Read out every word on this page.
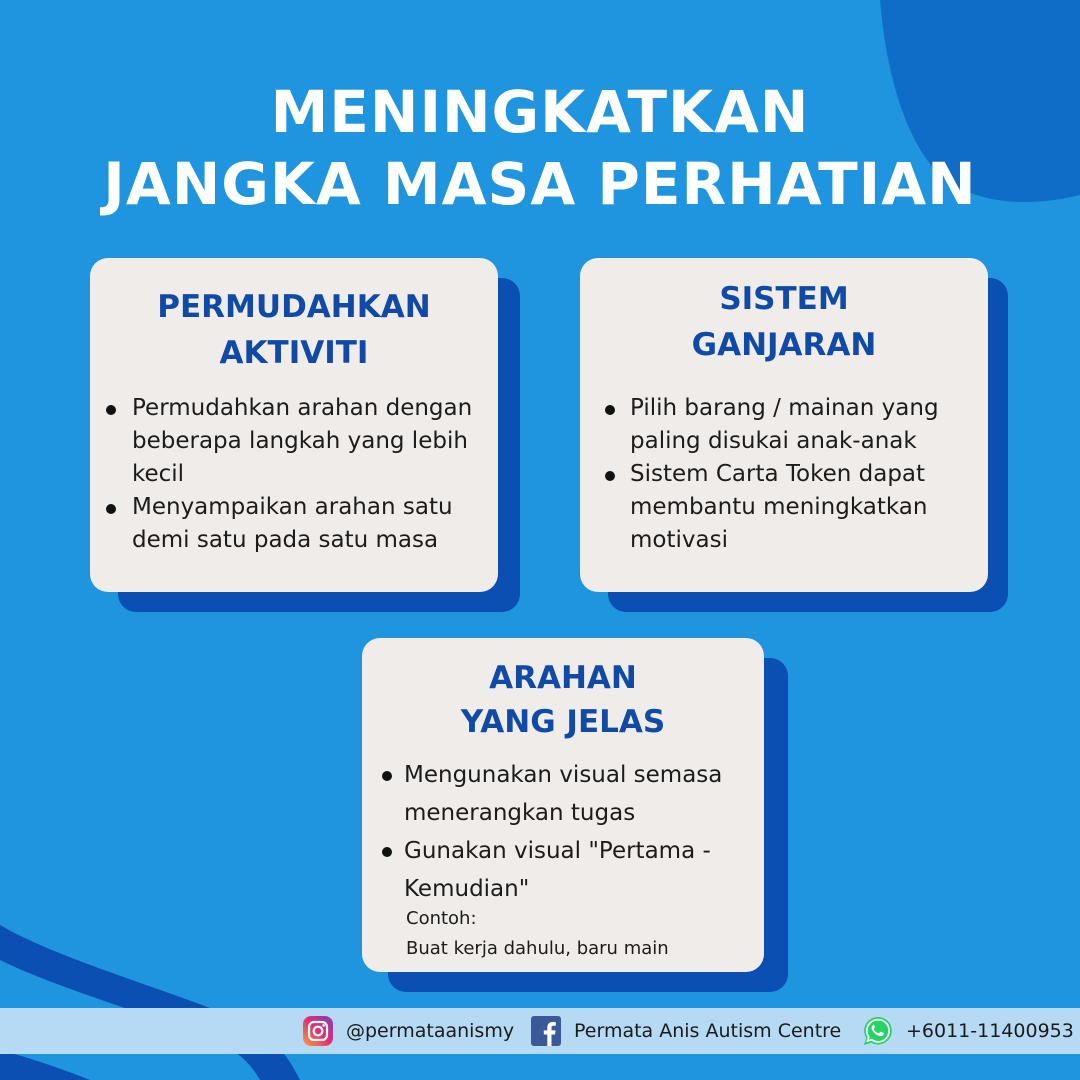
MENINGKATKAN
JANGKA MASA PERHATIAN
PERMUDAHKAN
AKTIVITI
Permudahkan arahan dengan beberapa langkah yang lebih kecil
Menyampaikan arahan satu demi satu pada satu masa
SISTEM
GANJARAN
Pilih barang / mainan yang paling disukai anak-anak
Sistem Carta Token dapat membantu meningkatkan motivasi
ARAHAN
YANG JELAS
Mengunakan visual semasa menerangkan tugas
Gunakan visual "Pertama - Kemudian"
Contoh:
Buat kerja dahulu, baru main
@permataanismy	Permata Anis Autism Centre	+6011-11400953
